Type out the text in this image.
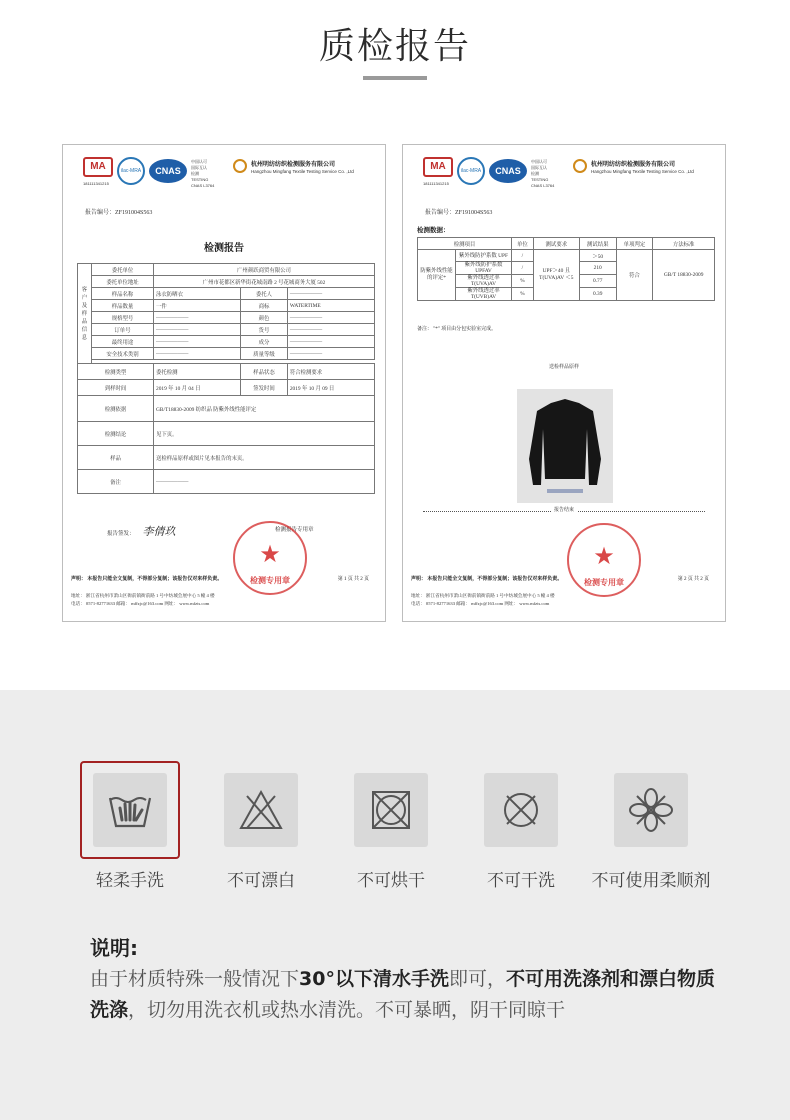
质检报告
MA
181111341215
ilac-MRA	CNAS
中国认可
国际互认
检测
TESTING
CNAS L3764
杭州明纺纺织检测服务有限公司
Hangzhou Mingfang Textile Testing Service Co. ,Ltd
报告编号：ZF191004S563
检测报告
客户及样品信息	委托单位	广州颜跃商贸有限公司		
	委托单位地址	广州市花都区新华街花城南路 2 号花城商务大厦 502		
	样品名称	泳衣防晒衣	委托人	——————
	样品数量	一件	商标	WATERTIME
	规格型号	——————	颜色	——————
	订单号	——————	货号	——————
	最终用途	——————	成分	——————
	安全技术类别	——————	质量等级	——————

检测类型		委托检测	样品状态	符合检测要求
到样时间		2019 年 10 月 04 日	签发时间	2019 年 10 月 09 日
检测依据		GB/T18830-2009 纺织品 防紫外线性能评定		
检测结论		见下页。		
样品		送检样品原样或图片见本报告的末页。		
备注		——————		
报告签发： 李倩玖	检测报告专用章
★
检测专用章
声明： 本报告只能全文复制，不得部分复制；该报告仅对来样负责。	第 1 页 共 2 页
地址： 浙江省杭州市萧山区衙前镇衙前路 1 号中纺城会展中心 5 幢 4 楼
电话： 0571-82771633 邮箱： mffzjc@163.com 网址： www.mfzts.com
MA
181111341215
ilac-MRA	CNAS
中国认可
国际互认
检测
TESTING
CNAS L3764
杭州明纺纺织检测服务有限公司
Hangzhou Mingfang Textile Testing Service Co. ,Ltd
报告编号：ZF191004S563
检测数据：
检测项目		单位	测试要求	测试结果	单项判定	方法标准
防紫外线性能的评定*	紫外线防护系数 UPF	/	UPF＞40 且 T(UVA)AV ＜5	＞50	符合	GB/T 18830-2009
	紫外线防护系数 UPFAV	/		210		
	紫外线透过率 T(UVA)AV	%		0.77		
	紫外线透过率 T(UVB)AV	%		0.39		
备注： "*" 项目由分包实验室完成。
送检样品原样
报告结束
★
检测专用章
声明： 本报告只能全文复制，不得部分复制；该报告仅对来样负责。	第 2 页 共 2 页
地址： 浙江省杭州市萧山区衙前镇衙前路 1 号中纺城会展中心 5 幢 4 楼
电话： 0571-82771633 邮箱： mffzjc@163.com 网址： www.mfzts.com
轻柔手洗	不可漂白	不可烘干	不可干洗	不可使用柔顺剂
说明:
由于材质特殊一般情况下30°以下清水手洗即可，不可用洗涤剂和漂白物质洗涤，切勿用洗衣机或热水清洗。不可暴晒，阴干同晾干
